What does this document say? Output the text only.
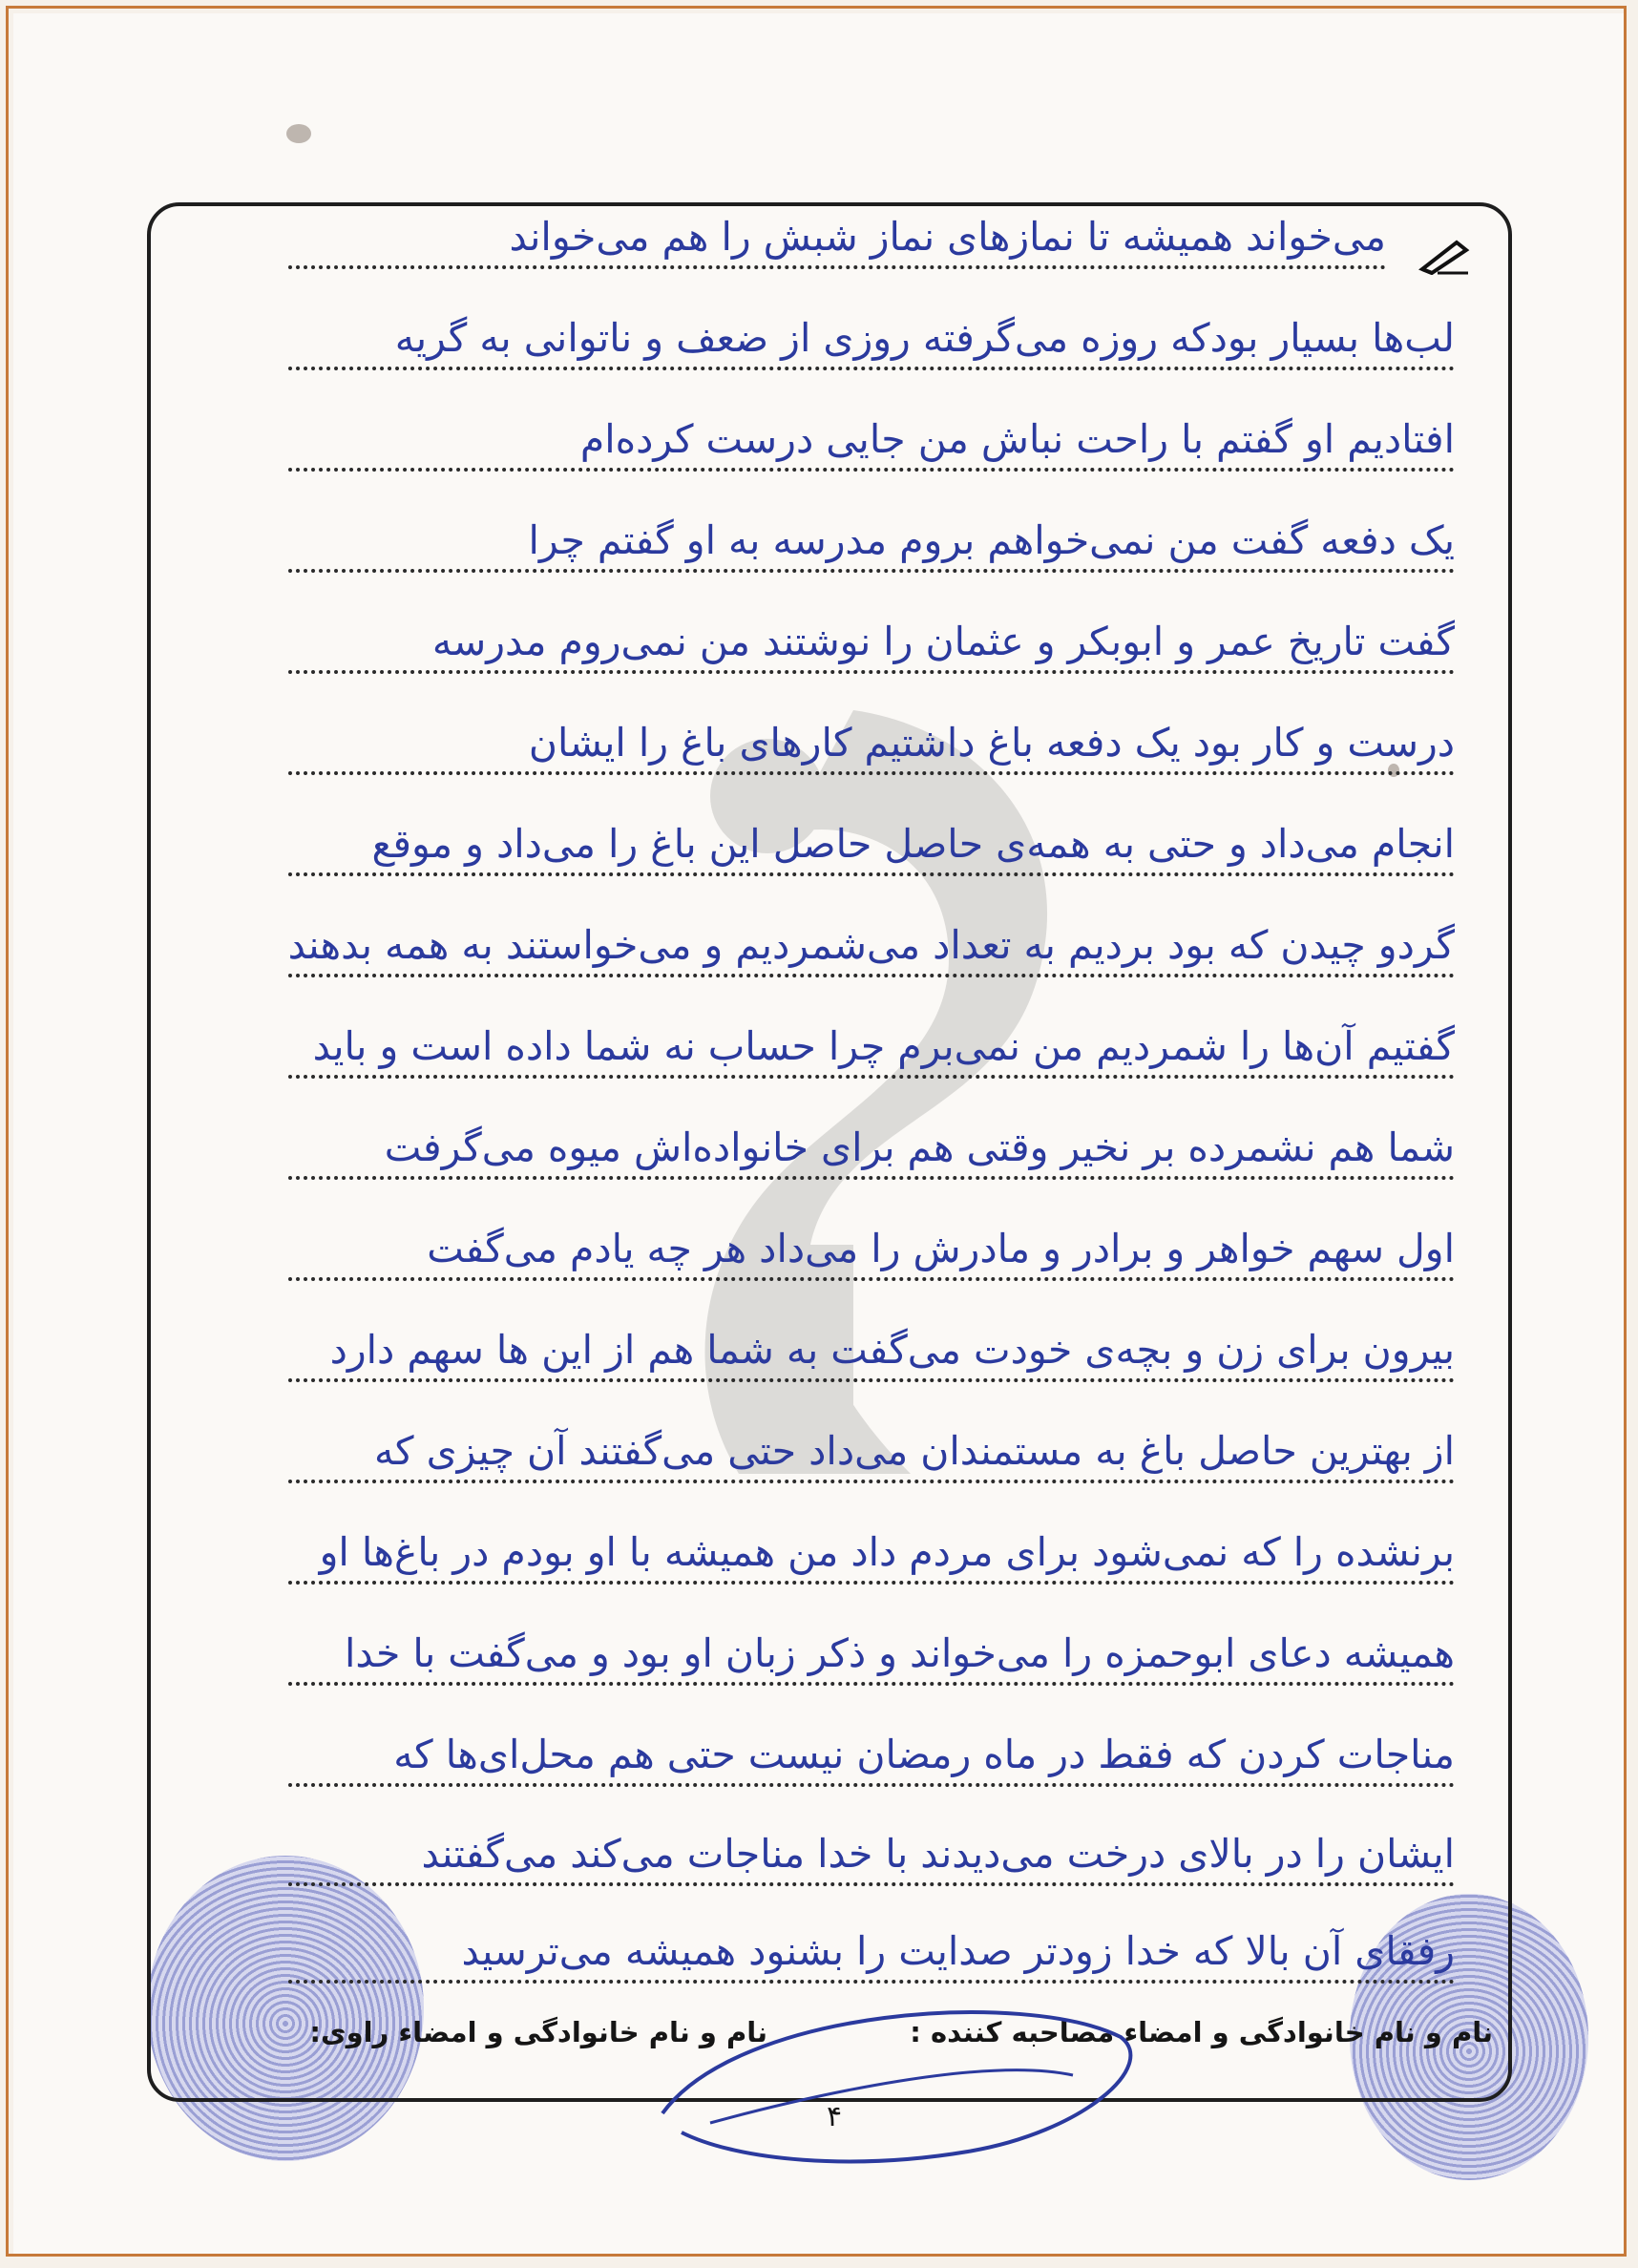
می‌خواند همیشه تا نماز‌های نماز شبش را هم می‌خواند
لب‌ها بسیار بودکه روزه می‌گرفته روزی از ضعف و ناتوانی به گریه
افتادیم او گفتم با راحت نباش من جایی درست کرده‌ام
یک دفعه گفت من نمی‌خواهم بروم مدرسه به او گفتم چرا
گفت تاریخ عمر و ابوبکر و عثمان را نوشتند من نمی‌روم مدرسه
درست و کار بود یک دفعه باغ داشتیم کارهای باغ را ایشان
انجام می‌داد و حتی به همه‌ی حاصل حاصل این باغ را می‌داد و موقع
گردو چیدن که بود بردیم به تعداد می‌شمردیم و می‌خواستند به همه بدهند
گفتیم آن‌ها را شمردیم من نمی‌برم چرا حساب نه شما داده است و باید
شما هم نشمرده بر نخیر وقتی هم برای خانواده‌اش میوه می‌گرفت
اول سهم خواهر و برادر و مادرش را می‌داد هر چه یادم می‌گفت
بیرون برای زن و بچه‌ی خودت می‌گفت به شما هم از این ها سهم دارد
از بهترین حاصل باغ به مستمندان می‌داد حتی می‌گفتند آن چیزی که
برنشده را که نمی‌شود برای مردم داد من همیشه با او بودم در باغ‌ها او
همیشه دعای ابوحمزه را می‌خواند و ذکر زبان او بود و می‌گفت با خدا
مناجات کردن که فقط در ماه رمضان نیست حتی هم محل‌ای‌ها که
ایشان را در بالای درخت می‌دیدند با خدا مناجات می‌کند می‌گفتند
رفقای آن بالا که خدا زودتر صدایت را بشنود همیشه می‌ترسید
نام و نام خانوادگی و امضاء مصاحبه کننده :
نام و نام خانوادگی و امضاء راوی:
۴
